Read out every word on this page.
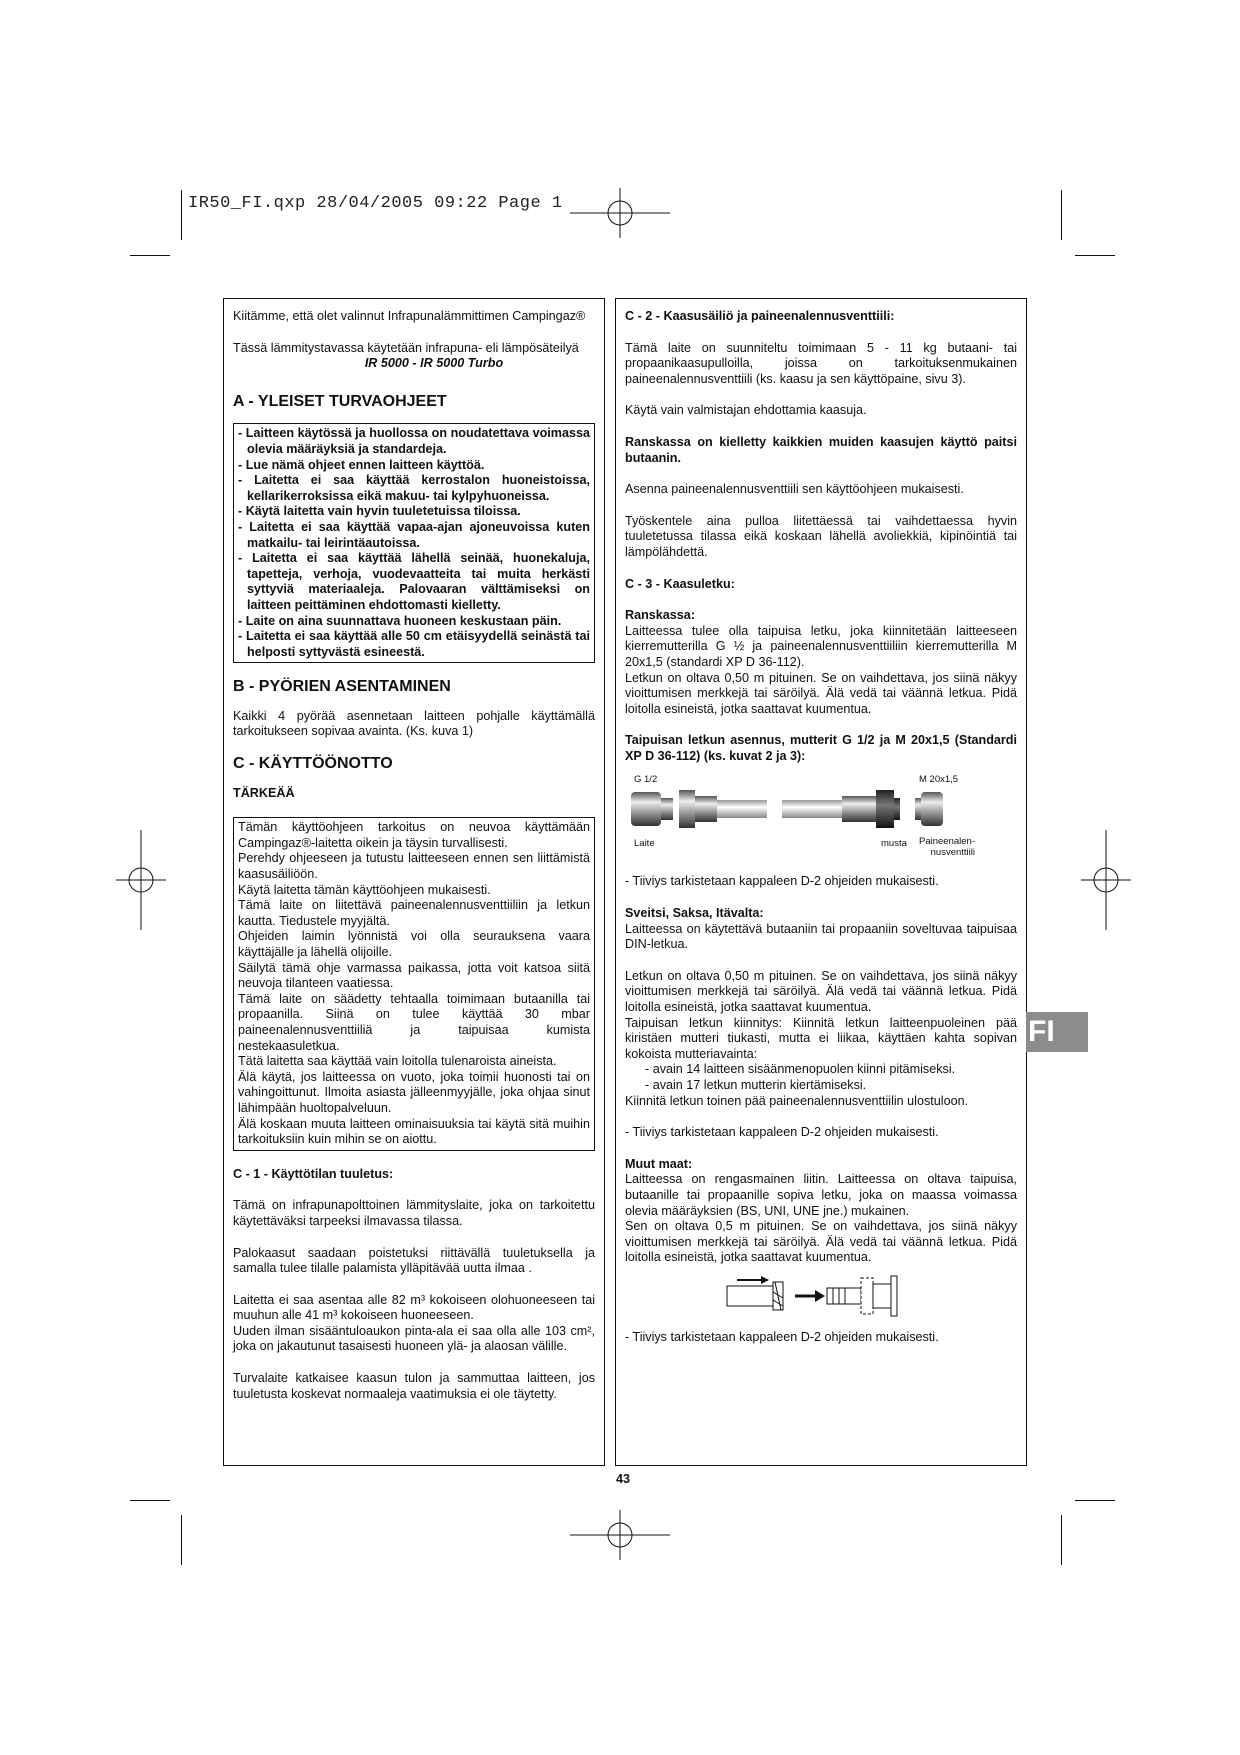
IR50_FI.qxp 28/04/2005 09:22 Page 1

Kiitämme, että olet valinnut Infrapunalämmittimen Campingaz®

Tässä lämmitystavassa käytetään infrapuna- eli lämpösäteilyä

IR 5000 - IR 5000 Turbo
A - YLEISET TURVAOHJEET
- Laitteen käytössä ja huollossa on noudatettava voimassa olevia määräyksiä ja standardeja.
- Lue nämä ohjeet ennen laitteen käyttöä.
- Laitetta ei saa käyttää kerrostalon huoneistoissa, kellarikerroksissa eikä makuu- tai kylpyhuoneissa.
- Käytä laitetta vain hyvin tuuletetuissa tiloissa.
- Laitetta ei saa käyttää vapaa-ajan ajoneuvoissa kuten matkailu- tai leirintäautoissa.
- Laitetta ei saa käyttää lähellä seinää, huonekaluja, tapetteja, verhoja, vuodevaatteita tai muita herkästi syttyviä materiaaleja. Palovaaran välttämiseksi on laitteen peittäminen ehdottomasti kielletty.
- Laite on aina suunnattava huoneen keskustaan päin.
- Laitetta ei saa käyttää alle 50 cm etäisyydellä seinästä tai helposti syttyvästä esineestä.
B - PYÖRIEN ASENTAMINEN

Kaikki 4 pyörää asennetaan laitteen pohjalle käyttämällä tarkoitukseen sopivaa avainta. (Ks. kuva 1)

C - KÄYTTÖÖNOTTO
TÄRKEÄÄ
Tämän käyttöohjeen tarkoitus on neuvoa käyttämään Campingaz®-laitetta oikein ja täysin turvallisesti.
Perehdy ohjeeseen ja tutustu laitteeseen ennen sen liittämistä kaasusäiliöön.
Käytä laitetta tämän käyttöohjeen mukaisesti.
Tämä laite on liitettävä paineenalennusventtiiliin ja letkun kautta. Tiedustele myyjältä.
Ohjeiden laimin lyönnistä voi olla seurauksena vaara käyttäjälle ja lähellä olijoille.
Säilytä tämä ohje varmassa paikassa, jotta voit katsoa siitä neuvoja tilanteen vaatiessa.
Tämä laite on säädetty tehtaalla toimimaan butaanilla tai propaanilla. Siinä on tulee käyttää 30 mbar paineenalennusventtiiliä ja taipuisaa kumista nestekaasuletkua.
Tätä laitetta saa käyttää vain loitolla tulenaroista aineista.
Älä käytä, jos laitteessa on vuoto, joka toimii huonosti tai on vahingoittunut. Ilmoita asiasta jälleenmyyjälle, joka ohjaa sinut lähimpään huoltopalveluun.
Älä koskaan muuta laitteen ominaisuuksia tai käytä sitä muihin tarkoituksiin kuin mihin se on aiottu.
C - 1 - Käyttötilan tuuletus:

Tämä on infrapunapolttoinen lämmityslaite, joka on tarkoitettu käytettäväksi tarpeeksi ilmavassa tilassa.

Palokaasut saadaan poistetuksi riittävällä tuuletuksella ja samalla tulee tilalle palamista ylläpitävää uutta ilmaa .

Laitetta ei saa asentaa alle 82 m³ kokoiseen olohuoneeseen tai muuhun alle 41 m³ kokoiseen huoneeseen.

Uuden ilman sisääntuloaukon pinta-ala ei saa olla alle 103 cm², joka on jakautunut tasaisesti huoneen ylä- ja alaosan välille.

Turvalaite katkaisee kaasun tulon ja sammuttaa laitteen, jos tuuletusta koskevat normaaleja vaatimuksia ei ole täytetty.

C - 2 - Kaasusäiliö ja paineenalennusventtiili:

Tämä laite on suunniteltu toimimaan 5 - 11 kg butaani- tai propaanikaasupulloilla, joissa on tarkoituksenmukainen paineenalennusventtiili (ks. kaasu ja sen käyttöpaine, sivu 3).

Käytä vain valmistajan ehdottamia kaasuja.

Ranskassa on kielletty kaikkien muiden kaasujen käyttö paitsi butaanin.

Asenna paineenalennusventtiili sen käyttöohjeen mukaisesti.

Työskentele aina pulloa liitettäessä tai vaihdettaessa hyvin tuuletetussa tilassa eikä koskaan lähellä avoliekkiä, kipinöintiä tai lämpölähdettä.

C - 3 - Kaasuletku:
Ranskassa:
Laitteessa tulee olla taipuisa letku, joka kiinnitetään laitteeseen kierremutterilla G ½ ja paineenalennusventtiiliin kierremutterilla M 20x1,5 (standardi XP D 36-112).

Letkun on oltava 0,50 m pituinen. Se on vaihdettava, jos siinä näkyy vioittumisen merkkejä tai säröilyä. Älä vedä tai väännä letkua. Pidä loitolla esineistä, jotka saattavat kuumentua.

Taipuisan letkun asennus, mutterit G 1/2 ja M 20x1,5 (Standardi XP D 36-112) (ks. kuvat 2 ja 3):

G 1/2	M 20x1,5
Laite	musta Paineenalen-
nusventtiili

- Tiiviys tarkistetaan kappaleen D-2 ohjeiden mukaisesti.

Sveitsi, Saksa, Itävalta:

Laitteessa on käytettävä butaaniin tai propaaniin soveltuvaa taipuisaa DIN-letkua.

Letkun on oltava 0,50 m pituinen. Se on vaihdettava, jos siinä näkyy vioittumisen merkkejä tai säröilyä. Älä vedä tai väännä letkua. Pidä loitolla esineistä, jotka saattavat kuumentua.
Taipuisan letkun kiinnitys: Kiinnitä letkun laitteenpuoleinen pää kiristäen mutteri tiukasti, mutta ei liikaa, käyttäen kahta sopivan kokoista mutteriavainta:
- avain 14 laitteen sisäänmenopuolen kiinni pitämiseksi.
- avain 17 letkun mutterin kiertämiseksi.

Kiinnitä letkun toinen pää paineenalennusventtiilin ulostuloon.

- Tiiviys tarkistetaan kappaleen D-2 ohjeiden mukaisesti.

Muut maat:
Laitteessa on rengasmainen liitin. Laitteessa on oltava taipuisa, butaanille tai propaanille sopiva letku, joka on maassa voimassa olevia määräyksien (BS, UNI, UNE jne.) mukainen.
Sen on oltava 0,5 m pituinen. Se on vaihdettava, jos siinä näkyy vioittumisen merkkejä tai säröilyä. Älä vedä tai väännä letkua. Pidä loitolla esineistä, jotka saattavat kuumentua.

- Tiiviys tarkistetaan kappaleen D-2 ohjeiden mukaisesti.

FI
43
